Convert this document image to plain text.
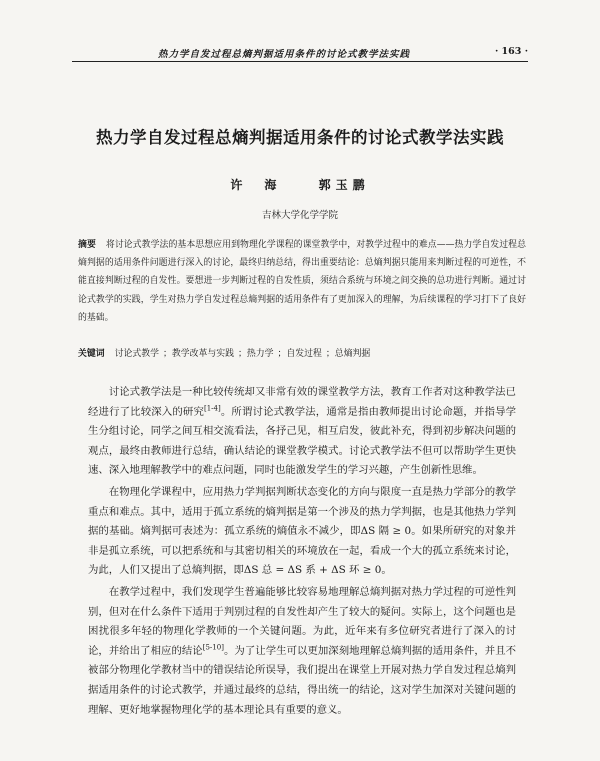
热力学自发过程总熵判据适用条件的讨论式教学法实践	· 163 ·
热力学自发过程总熵判据适用条件的讨论式教学法实践
许　海	郭玉鹏
吉林大学化学学院
摘要 将讨论式教学法的基本思想应用到物理化学课程的课堂教学中，对教学过程中的难点——热力学自发过程总熵判据的适用条件问题进行深入的讨论，最终归纳总结，得出重要结论：总熵判据只能用来判断过程的可逆性，不能直接判断过程的自发性。要想进一步判断过程的自发性质，须结合系统与环境之间交换的总功进行判断。通过讨论式教学的实践，学生对热力学自发过程总熵判据的适用条件有了更加深入的理解，为后续课程的学习打下了良好的基础。
关键词 讨论式教学 ；教学改革与实践 ；热力学 ；自发过程 ；总熵判据

讨论式教学法是一种比较传统却又非常有效的课堂教学方法，教育工作者对这种教学法已经进行了比较深入的研究[1-4]。所谓讨论式教学法，通常是指由教师提出讨论命题，并指导学生分组讨论，同学之间互相交流看法，各抒己见，相互启发，彼此补充，得到初步解决问题的观点，最终由教师进行总结，确认结论的课堂教学模式。讨论式教学法不但可以帮助学生更快速、深入地理解教学中的难点问题，同时也能激发学生的学习兴趣，产生创新性思维。

在物理化学课程中，应用热力学判据判断状态变化的方向与限度一直是热力学部分的教学重点和难点。其中，适用于孤立系统的熵判据是第一个涉及的热力学判据，也是其他热力学判据的基础。熵判据可表述为：孤立系统的熵值永不减少，即ΔS 隔 ≥ 0。如果所研究的对象并非是孤立系统，可以把系统和与其密切相关的环境放在一起，看成一个大的孤立系统来讨论，为此，人们又提出了总熵判据，即ΔS 总 = ΔS 系 + ΔS 环 ≥ 0。

在教学过程中，我们发现学生普遍能够比较容易地理解总熵判据对热力学过程的可逆性判别，但对在什么条件下适用于判别过程的自发性却产生了较大的疑问。实际上，这个问题也是困扰很多年轻的物理化学教师的一个关键问题。为此，近年来有多位研究者进行了深入的讨论，并给出了相应的结论[5-10]。为了让学生可以更加深刻地理解总熵判据的适用条件，并且不被部分物理化学教材当中的错误结论所误导，我们提出在课堂上开展对热力学自发过程总熵判据适用条件的讨论式教学，并通过最终的总结，得出统一的结论，这对学生加深对关键问题的理解、更好地掌握物理化学的基本理论具有重要的意义。
